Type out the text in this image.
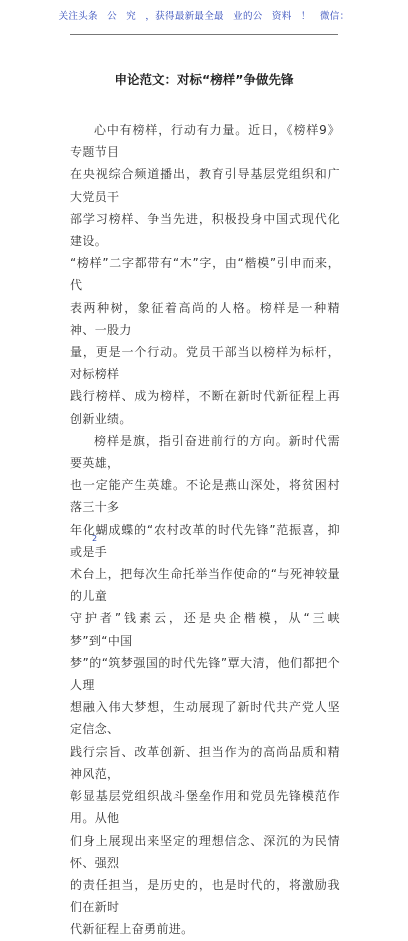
关注头条 公 究 ，获得最新最全最 业的公 资料 ！ 微信：
申论范文：对标“榜样”争做先锋

心中有榜样，行动有力量。近日，《榜样9》专题节目

在央视综合频道播出，教育引导基层党组织和广大党员干

部学习榜样、争当先进，积极投身中国式现代化建设。

“榜样”二字都带有“木”字，由“楷模”引申而来，代

表两种树，象征着高尚的人格。榜样是一种精神、一股力

量，更是一个行动。党员干部当以榜样为标杆，对标榜样

践行榜样、成为榜样，不断在新时代新征程上再创新业绩。

榜样是旗，指引奋进前行的方向。新时代需要英雄，

也一定能产生英雄。不论是燕山深处，将贫困村落三十多

年化蝴成蝶的“农村改革的时代先锋”范振喜，抑或是手

术台上，把每次生命托举当作使命的“与死神较量的儿童

守护者”钱素云，还是央企楷模，从“三峡梦”到“中国

梦”的“筑梦强国的时代先锋”覃大清，他们都把个人理

想融入伟大梦想，生动展现了新时代共产党人坚定信念、

践行宗旨、改革创新、担当作为的高尚品质和精神风范，

彰显基层党组织战斗堡垒作用和党员先锋模范作用。从他

们身上展现出来坚定的理想信念、深沉的为民情怀、强烈

的责任担当，是历史的，也是时代的，将激励我们在新时

代新征程上奋勇前进。

2
